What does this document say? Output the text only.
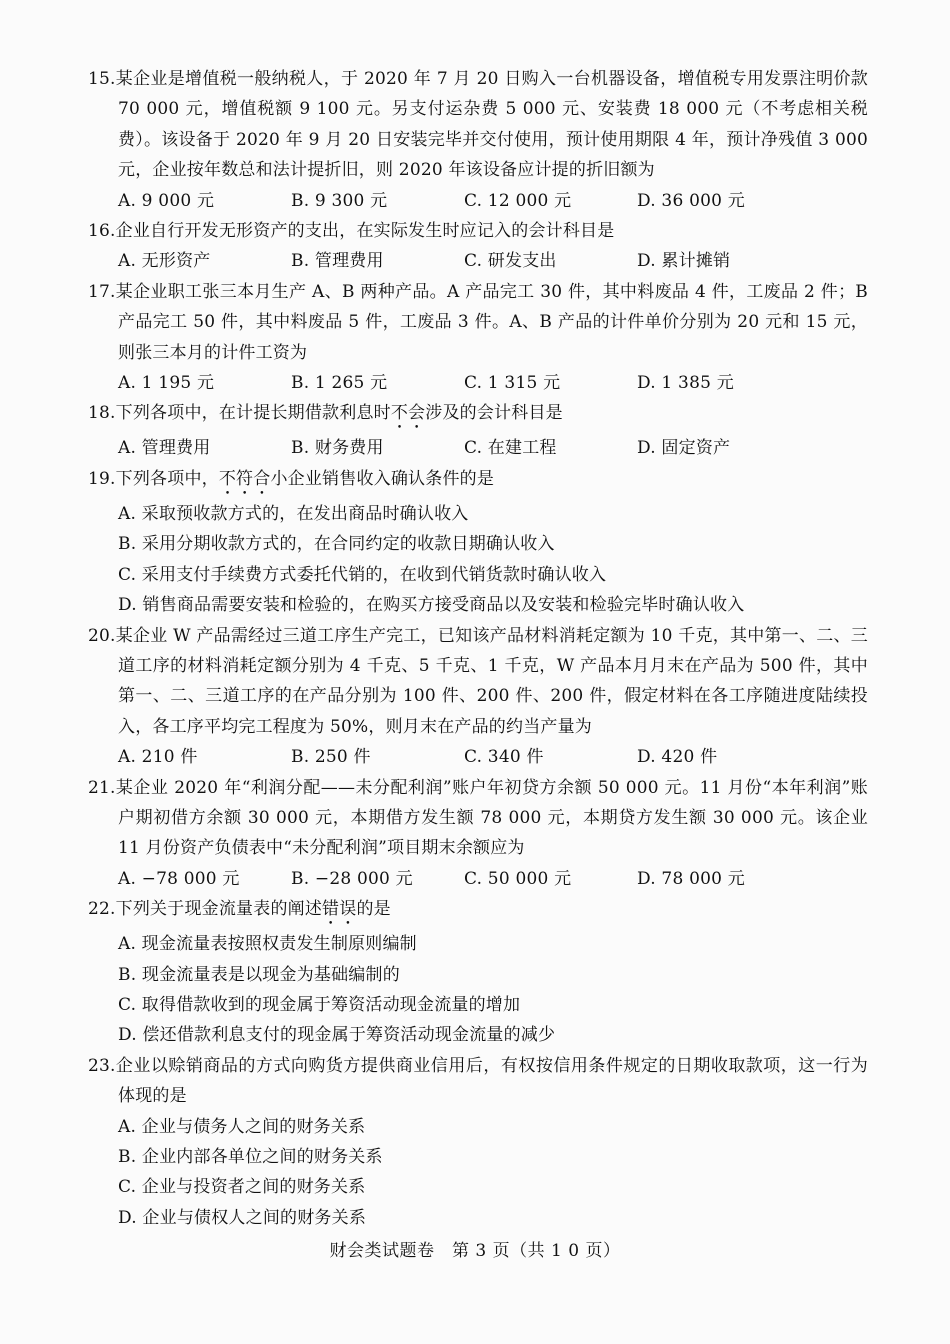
15.某企业是增值税一般纳税人，于 2020 年 7 月 20 日购入一台机器设备，增值税专用发票注明价款 70 000 元，增值税额 9 100 元。另支付运杂费 5 000 元、安装费 18 000 元（不考虑相关税费）。该设备于 2020 年 9 月 20 日安装完毕并交付使用，预计使用期限 4 年，预计净残值 3 000 元，企业按年数总和法计提折旧，则 2020 年该设备应计提的折旧额为
A. 9 000 元	B. 9 300 元	C. 12 000 元	D. 36 000 元
16.企业自行开发无形资产的支出，在实际发生时应记入的会计科目是
A. 无形资产	B. 管理费用	C. 研发支出	D. 累计摊销
17.某企业职工张三本月生产 A、B 两种产品。A 产品完工 30 件，其中料废品 4 件，工废品 2 件；B 产品完工 50 件，其中料废品 5 件，工废品 3 件。A、B 产品的计件单价分别为 20 元和 15 元，则张三本月的计件工资为
A. 1 195 元	B. 1 265 元	C. 1 315 元	D. 1 385 元
18.下列各项中，在计提长期借款利息时不会涉及的会计科目是
A. 管理费用	B. 财务费用	C. 在建工程	D. 固定资产
19.下列各项中，不符合小企业销售收入确认条件的是
A. 采取预收款方式的，在发出商品时确认收入
B. 采用分期收款方式的，在合同约定的收款日期确认收入
C. 采用支付手续费方式委托代销的，在收到代销货款时确认收入
D. 销售商品需要安装和检验的，在购买方接受商品以及安装和检验完毕时确认收入
20.某企业 W 产品需经过三道工序生产完工，已知该产品材料消耗定额为 10 千克，其中第一、二、三道工序的材料消耗定额分别为 4 千克、5 千克、1 千克，W 产品本月月末在产品为 500 件，其中第一、二、三道工序的在产品分别为 100 件、200 件、200 件，假定材料在各工序随进度陆续投入，各工序平均完工程度为 50%，则月末在产品的约当产量为
A. 210 件	B. 250 件	C. 340 件	D. 420 件
21.某企业 2020 年“利润分配——未分配利润”账户年初贷方余额 50 000 元。11 月份“本年利润”账户期初借方余额 30 000 元，本期借方发生额 78 000 元，本期贷方发生额 30 000 元。该企业 11 月份资产负债表中“未分配利润”项目期末余额应为
A. −78 000 元	B. −28 000 元	C. 50 000 元	D. 78 000 元
22.下列关于现金流量表的阐述错误的是
A. 现金流量表按照权责发生制原则编制
B. 现金流量表是以现金为基础编制的
C. 取得借款收到的现金属于筹资活动现金流量的增加
D. 偿还借款利息支付的现金属于筹资活动现金流量的减少
23.企业以赊销商品的方式向购货方提供商业信用后，有权按信用条件规定的日期收取款项，这一行为体现的是
A. 企业与债务人之间的财务关系
B. 企业内部各单位之间的财务关系
C. 企业与投资者之间的财务关系
D. 企业与债权人之间的财务关系
财会类试题卷　第 3 页（共 1 0 页）
